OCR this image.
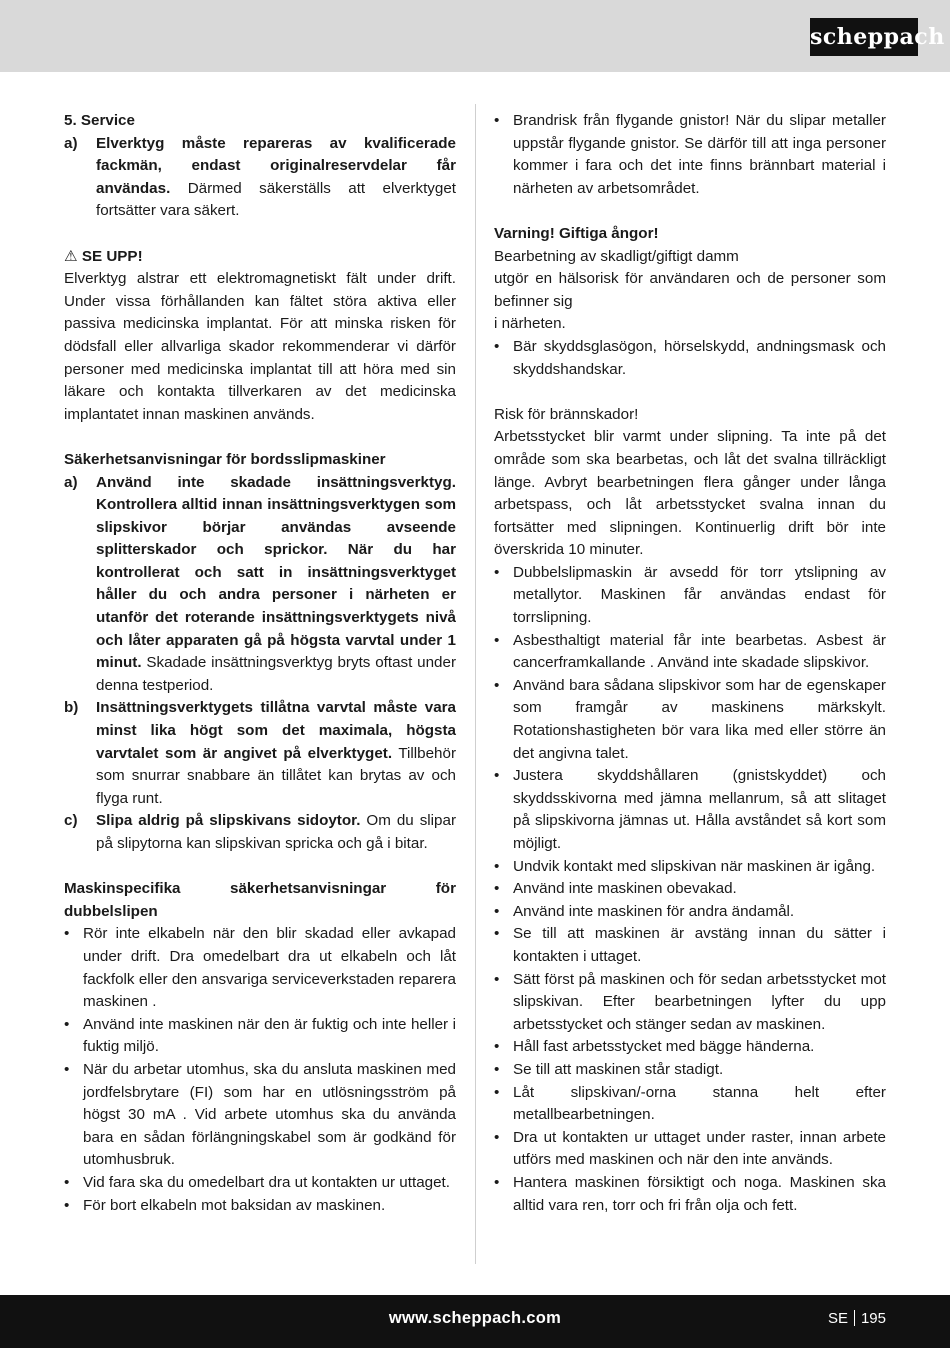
scheppach

5. Service

a)	Elverktyg måste repareras av kvalificerade fackmän, endast originalreservdelar får användas. Därmed säkerställs att elverktyget fortsätter vara säkert.

⚠ SE UPP!

Elverktyg alstrar ett elektromagnetiskt fält under drift. Under vissa förhållanden kan fältet störa aktiva eller passiva medicinska implantat. För att minska risken för dödsfall eller allvarliga skador rekommenderar vi därför personer med medicinska implantat till att höra med sin läkare och kontakta tillverkaren av det medicinska implantatet innan maskinen används.

Säkerhetsanvisningar för bordsslipmaskiner

a)	Använd inte skadade insättningsverktyg. Kontrollera alltid innan insättningsverktygen som slipskivor börjar användas avseende splitterskador och sprickor. När du har kontrollerat och satt in insättningsverktyget håller du och andra personer i närheten er utanför det roterande insättningsverktygets nivå och låter apparaten gå på högsta varvtal under 1 minut. Skadade insättningsverktyg bryts oftast under denna testperiod.
b)	Insättningsverktygets tillåtna varvtal måste vara minst lika högt som det maximala, högsta varvtalet som är angivet på elverktyget. Tillbehör som snurrar snabbare än tillåtet kan brytas av och flyga runt.
c)	Slipa aldrig på slipskivans sidoytor. Om du slipar på slipytorna kan slipskivan spricka och gå i bitar.

Maskinspecifika säkerhetsanvisningar för dubbelslipen

• Rör inte elkabeln när den blir skadad eller avkapad under drift. Dra omedelbart dra ut elkabeln och låt fackfolk eller den ansvariga serviceverkstaden reparera maskinen .
• Använd inte maskinen när den är fuktig och inte heller i fuktig miljö.
• När du arbetar utomhus, ska du ansluta maskinen med jordfelsbrytare (FI) som har en utlösningsström på högst 30 mA . Vid arbete utomhus ska du använda bara en sådan förlängningskabel som är godkänd för utomhusbruk.
• Vid fara ska du omedelbart dra ut kontakten ur uttaget.
• För bort elkabeln mot baksidan av maskinen.
• Brandrisk från flygande gnistor! När du slipar metaller uppstår flygande gnistor. Se därför till att inga personer kommer i fara och det inte finns brännbart material i närheten av arbetsområdet.

Varning! Giftiga ångor!

Bearbetning av skadligt/giftigt damm

utgör en hälsorisk för användaren och de personer som befinner sig

i närheten.

• Bär skyddsglasögon, hörselskydd, andningsmask och skyddshandskar.

Risk för brännskador!

Arbetsstycket blir varmt under slipning. Ta inte på det område som ska bearbetas, och låt det svalna tillräckligt länge. Avbryt bearbetningen flera gånger under långa arbetspass, och låt arbetsstycket svalna innan du fortsätter med slipningen. Kontinuerlig drift bör inte överskrida 10 minuter.

• Dubbelslipmaskin är avsedd för torr ytslipning av metallytor. Maskinen får användas endast för torrslipning.
• Asbesthaltigt material får inte bearbetas. Asbest är cancerframkallande . Använd inte skadade slipskivor.
• Använd bara sådana slipskivor som har de egenskaper som framgår av maskinens märkskylt. Rotationshastigheten bör vara lika med eller större än det angivna talet.
• Justera skyddshållaren (gnistskyddet) och skyddsskivorna med jämna mellanrum, så att slitaget på slipskivorna jämnas ut. Hålla avståndet så kort som möjligt.
• Undvik kontakt med slipskivan när maskinen är igång.
• Använd inte maskinen obevakad.
• Använd inte maskinen för andra ändamål.
• Se till att maskinen är avstäng innan du sätter i kontakten i uttaget.
• Sätt först på maskinen och för sedan arbetsstycket mot slipskivan. Efter bearbetningen lyfter du upp arbetsstycket och stänger sedan av maskinen.
• Håll fast arbetsstycket med bägge händerna.
• Se till att maskinen står stadigt.
• Låt slipskivan/-orna stanna helt efter metallbearbetningen.
• Dra ut kontakten ur uttaget under raster, innan arbete utförs med maskinen och när den inte används.
• Hantera maskinen försiktigt och noga. Maskinen ska alltid vara ren, torr och fri från olja och fett.
www.scheppach.com	SE 195
